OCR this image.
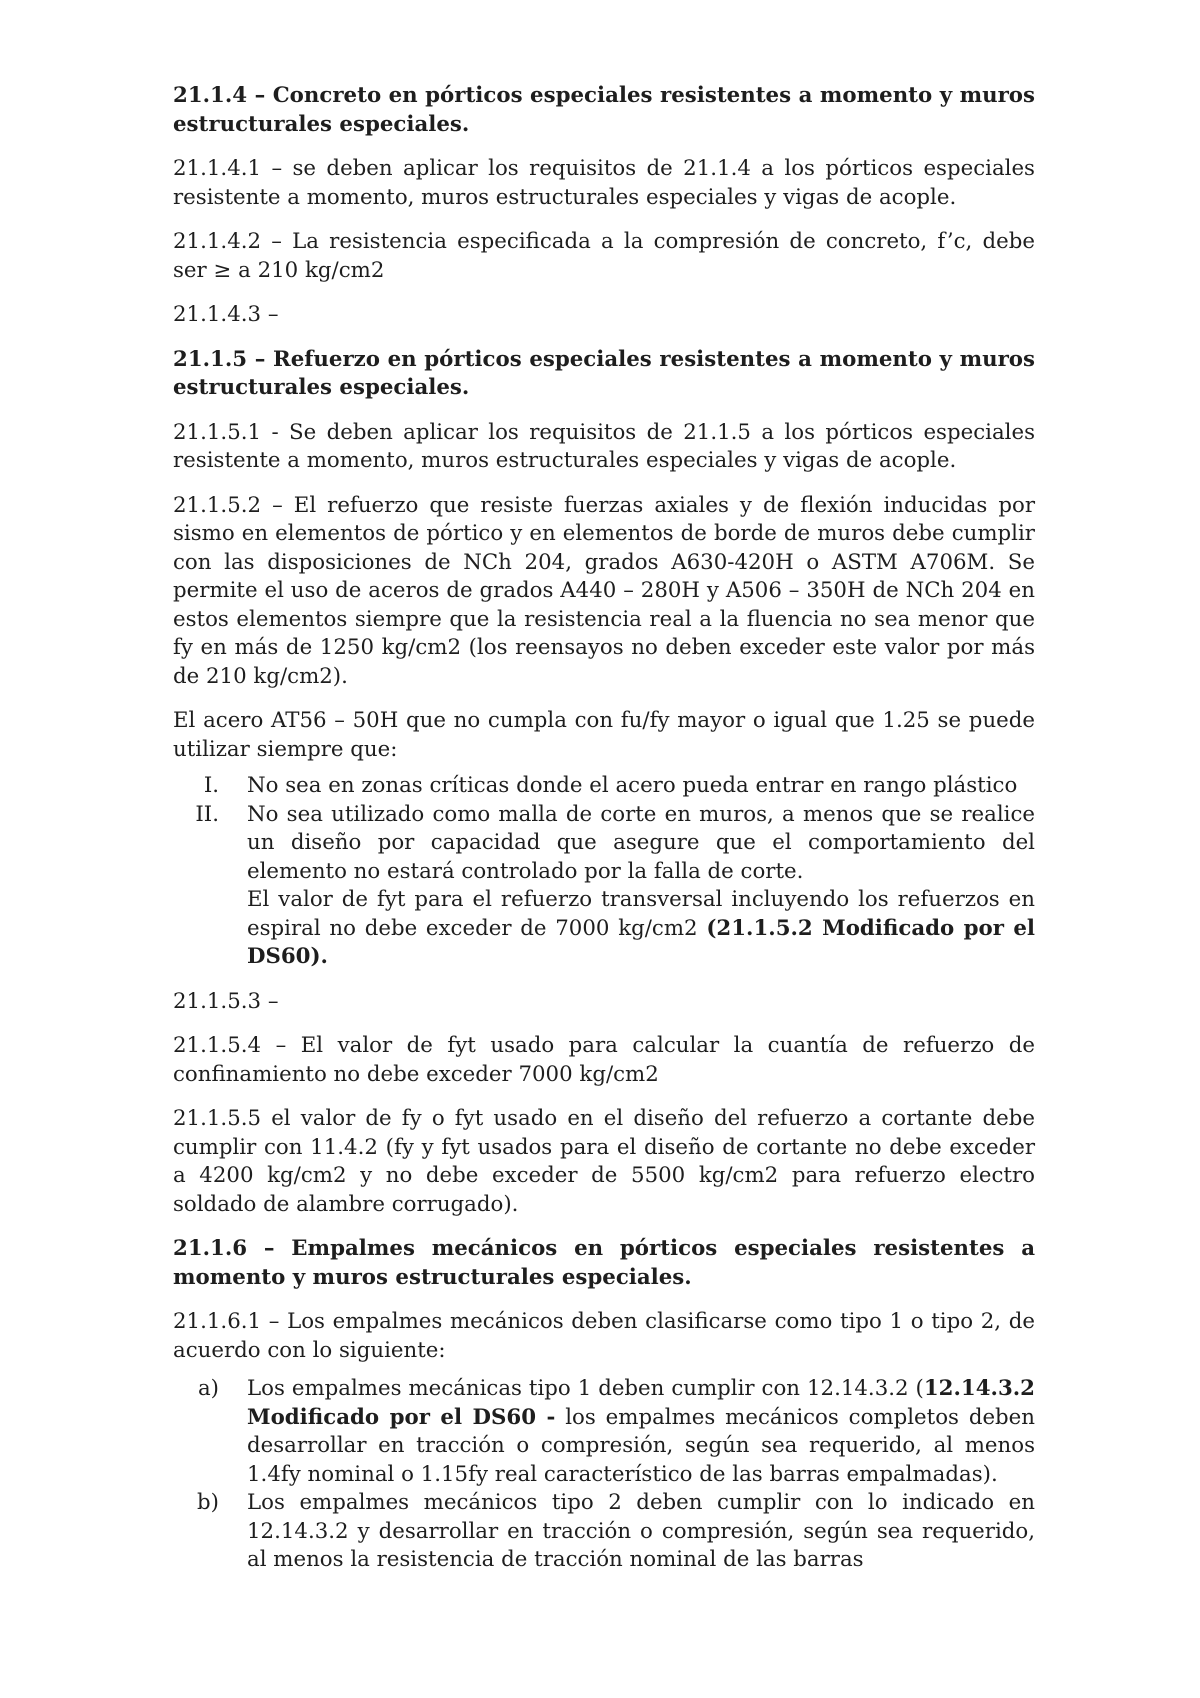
21.1.4 – Concreto en pórticos especiales resistentes a momento y muros estructurales especiales.

21.1.4.1 – se deben aplicar los requisitos de 21.1.4 a los pórticos especiales resistente a momento, muros estructurales especiales y vigas de acople.

21.1.4.2 – La resistencia especificada a la compresión de concreto, f’c, debe ser ≥ a 210 kg/cm2

21.1.4.3 –

21.1.5 – Refuerzo en pórticos especiales resistentes a momento y muros estructurales especiales.

21.1.5.1 - Se deben aplicar los requisitos de 21.1.5 a los pórticos especiales resistente a momento, muros estructurales especiales y vigas de acople.

21.1.5.2 – El refuerzo que resiste fuerzas axiales y de flexión inducidas por sismo en elementos de pórtico y en elementos de borde de muros debe cumplir con las disposiciones de NCh 204, grados A630-420H o ASTM A706M. Se permite el uso de aceros de grados A440 – 280H y A506 – 350H de NCh 204 en estos elementos siempre que la resistencia real a la fluencia no sea menor que fy en más de 1250 kg/cm2 (los reensayos no deben exceder este valor por más de 210 kg/cm2).

El acero AT56 – 50H que no cumpla con fu/fy mayor o igual que 1.25 se puede utilizar siempre que:

I. No sea en zonas críticas donde el acero pueda entrar en rango plástico
II. No sea utilizado como malla de corte en muros, a menos que se realice un diseño por capacidad que asegure que el comportamiento del elemento no estará controlado por la falla de corte.
El valor de fyt para el refuerzo transversal incluyendo los refuerzos en espiral no debe exceder de 7000 kg/cm2 (21.1.5.2 Modificado por el DS60).

21.1.5.3 –

21.1.5.4 – El valor de fyt usado para calcular la cuantía de refuerzo de confinamiento no debe exceder 7000 kg/cm2

21.1.5.5 el valor de fy o fyt usado en el diseño del refuerzo a cortante debe cumplir con 11.4.2 (fy y fyt usados para el diseño de cortante no debe exceder a 4200 kg/cm2 y no debe exceder de 5500 kg/cm2 para refuerzo electro soldado de alambre corrugado).

21.1.6 – Empalmes mecánicos en pórticos especiales resistentes a momento y muros estructurales especiales.

21.1.6.1 – Los empalmes mecánicos deben clasificarse como tipo 1 o tipo 2, de acuerdo con lo siguiente:

a) Los empalmes mecánicas tipo 1 deben cumplir con 12.14.3.2 (12.14.3.2 Modificado por el DS60 - los empalmes mecánicos completos deben desarrollar en tracción o compresión, según sea requerido, al menos 1.4fy nominal o 1.15fy real característico de las barras empalmadas).
b) Los empalmes mecánicos tipo 2 deben cumplir con lo indicado en 12.14.3.2 y desarrollar en tracción o compresión, según sea requerido, al menos la resistencia de tracción nominal de las barras
